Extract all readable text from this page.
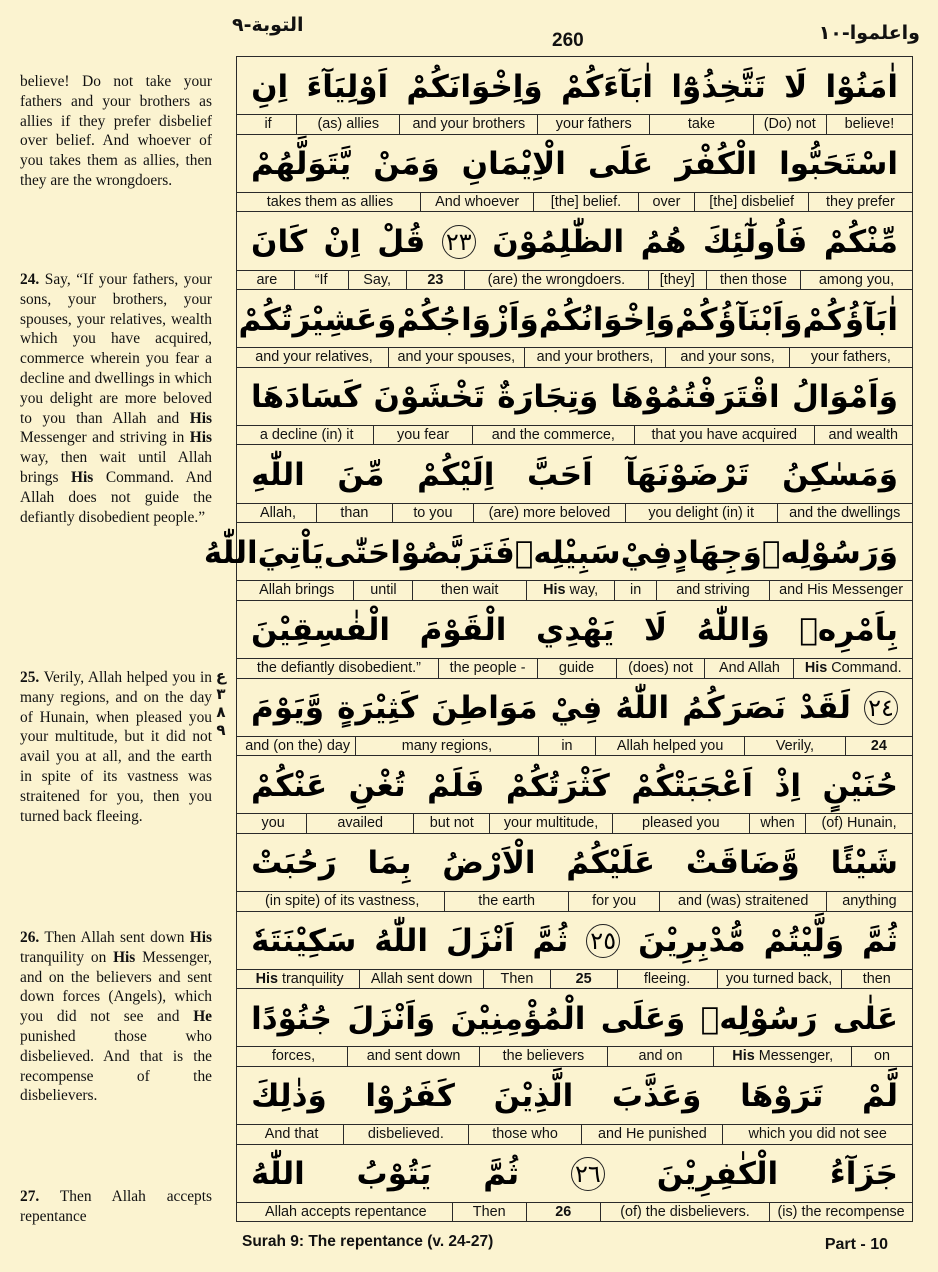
التوبة-٩
260	واعلموا-١٠
believe! Do not take your fathers and your brothers as allies if they prefer disbelief over belief. And whoever of you takes them as allies, then they are the wrongdoers.
24. Say, “If your fathers, your sons, your brothers, your spouses, your relatives, wealth which you have acquired, commerce wherein you fear a decline and dwellings in which you delight are more beloved to you than Allah and His Messenger and striving in His way, then wait until Allah brings His Command. And Allah does not guide the defiantly disobedient people.”
25. Verily, Allah helped you in many regions, and on the day of Hunain, when pleased you your multitude, but it did not avail you at all, and the earth in spite of its vastness was straitened for you, then you turned back fleeing.
26. Then Allah sent down His tranquility on His Messenger, and on the believers and sent down forces (Angels), which you did not see and He punished those who disbelieved. And that is the recompense of the disbelievers.
27. Then Allah accepts repentance
ع
٣
٨
٩
اٰمَنُوْا
لَا
تَتَّخِذُوْٓا
اٰبَآءَكُمْ
وَاِخْوَانَكُمْ
اَوْلِيَآءَ
اِنِ
believe!
(Do) not
take
your fathers
and your brothers
(as) allies
if
اسْتَحَبُّوا
الْكُفْرَ
عَلَى
الْاِيْمَانِ
وَمَنْ
يَّتَوَلَّهُمْ
they prefer
[the] disbelief
over
[the] belief.
And whoever
takes them as allies
مِّنْكُمْ
فَاُولٰٓئِكَ
هُمُ
الظّٰلِمُوْنَ
٢٣
قُلْ
اِنْ
كَانَ
among you,
then those
[they]
(are) the wrongdoers.
23
Say,
“If
are
اٰبَآؤُكُمْ
وَاَبْنَآؤُكُمْ
وَاِخْوَانُكُمْ
وَاَزْوَاجُكُمْ
وَعَشِيْرَتُكُمْ
your fathers,
and your sons,
and your brothers,
and your spouses,
and your relatives,
وَاَمْوَالُ
اقْتَرَفْتُمُوْهَا
وَتِجَارَةٌ
تَخْشَوْنَ
كَسَادَهَا
and wealth
that you have acquired
and the commerce,
you fear
a decline (in) it
وَمَسٰكِنُ
تَرْضَوْنَهَآ
اَحَبَّ
اِلَيْكُمْ
مِّنَ
اللّٰهِ
and the dwellings
you delight (in) it
(are) more beloved
to you
than
Allah,
وَرَسُوْلِهٖ
وَجِهَادٍ
فِيْ
سَبِيْلِهٖ
فَتَرَبَّصُوْا
حَتّٰى
يَاْتِيَ
اللّٰهُ
and His Messenger
and striving
in
His way,
then wait
until
Allah brings
بِاَمْرِهٖ
وَاللّٰهُ
لَا
يَهْدِي
الْقَوْمَ
الْفٰسِقِيْنَ
His Command.
And Allah
(does) not
guide
the people -
the defiantly disobedient.”
٢٤
لَقَدْ
نَصَرَكُمُ
اللّٰهُ
فِيْ
مَوَاطِنَ
كَثِيْرَةٍ
وَّيَوْمَ
24
Verily,
Allah helped you
in
many regions,
and (on the) day
حُنَيْنٍ
اِذْ
اَعْجَبَتْكُمْ
كَثْرَتُكُمْ
فَلَمْ
تُغْنِ
عَنْكُمْ
(of) Hunain,
when
pleased you
your multitude,
but not
availed
you
شَيْئًا
وَّضَاقَتْ
عَلَيْكُمُ
الْاَرْضُ
بِمَا
رَحُبَتْ
anything
and (was) straitened
for you
the earth
(in spite) of its vastness,
ثُمَّ
وَلَّيْتُمْ
مُّدْبِرِيْنَ
٢٥
ثُمَّ
اَنْزَلَ
اللّٰهُ
سَكِيْنَتَهٗ
then
you turned back,
fleeing.
25
Then
Allah sent down
His tranquility
عَلٰى
رَسُوْلِهٖ
وَعَلَى
الْمُؤْمِنِيْنَ
وَاَنْزَلَ
جُنُوْدًا
on
His Messenger,
and on
the believers
and sent down
forces,
لَّمْ
تَرَوْهَا
وَعَذَّبَ
الَّذِيْنَ
كَفَرُوْا
وَذٰلِكَ
which you did not see
and He punished
those who
disbelieved.
And that
جَزَآءُ
الْكٰفِرِيْنَ
٢٦
ثُمَّ
يَتُوْبُ
اللّٰهُ
(is) the recompense
(of) the disbelievers.
26
Then
Allah accepts repentance
Surah 9: The repentance (v. 24-27)	Part - 10
